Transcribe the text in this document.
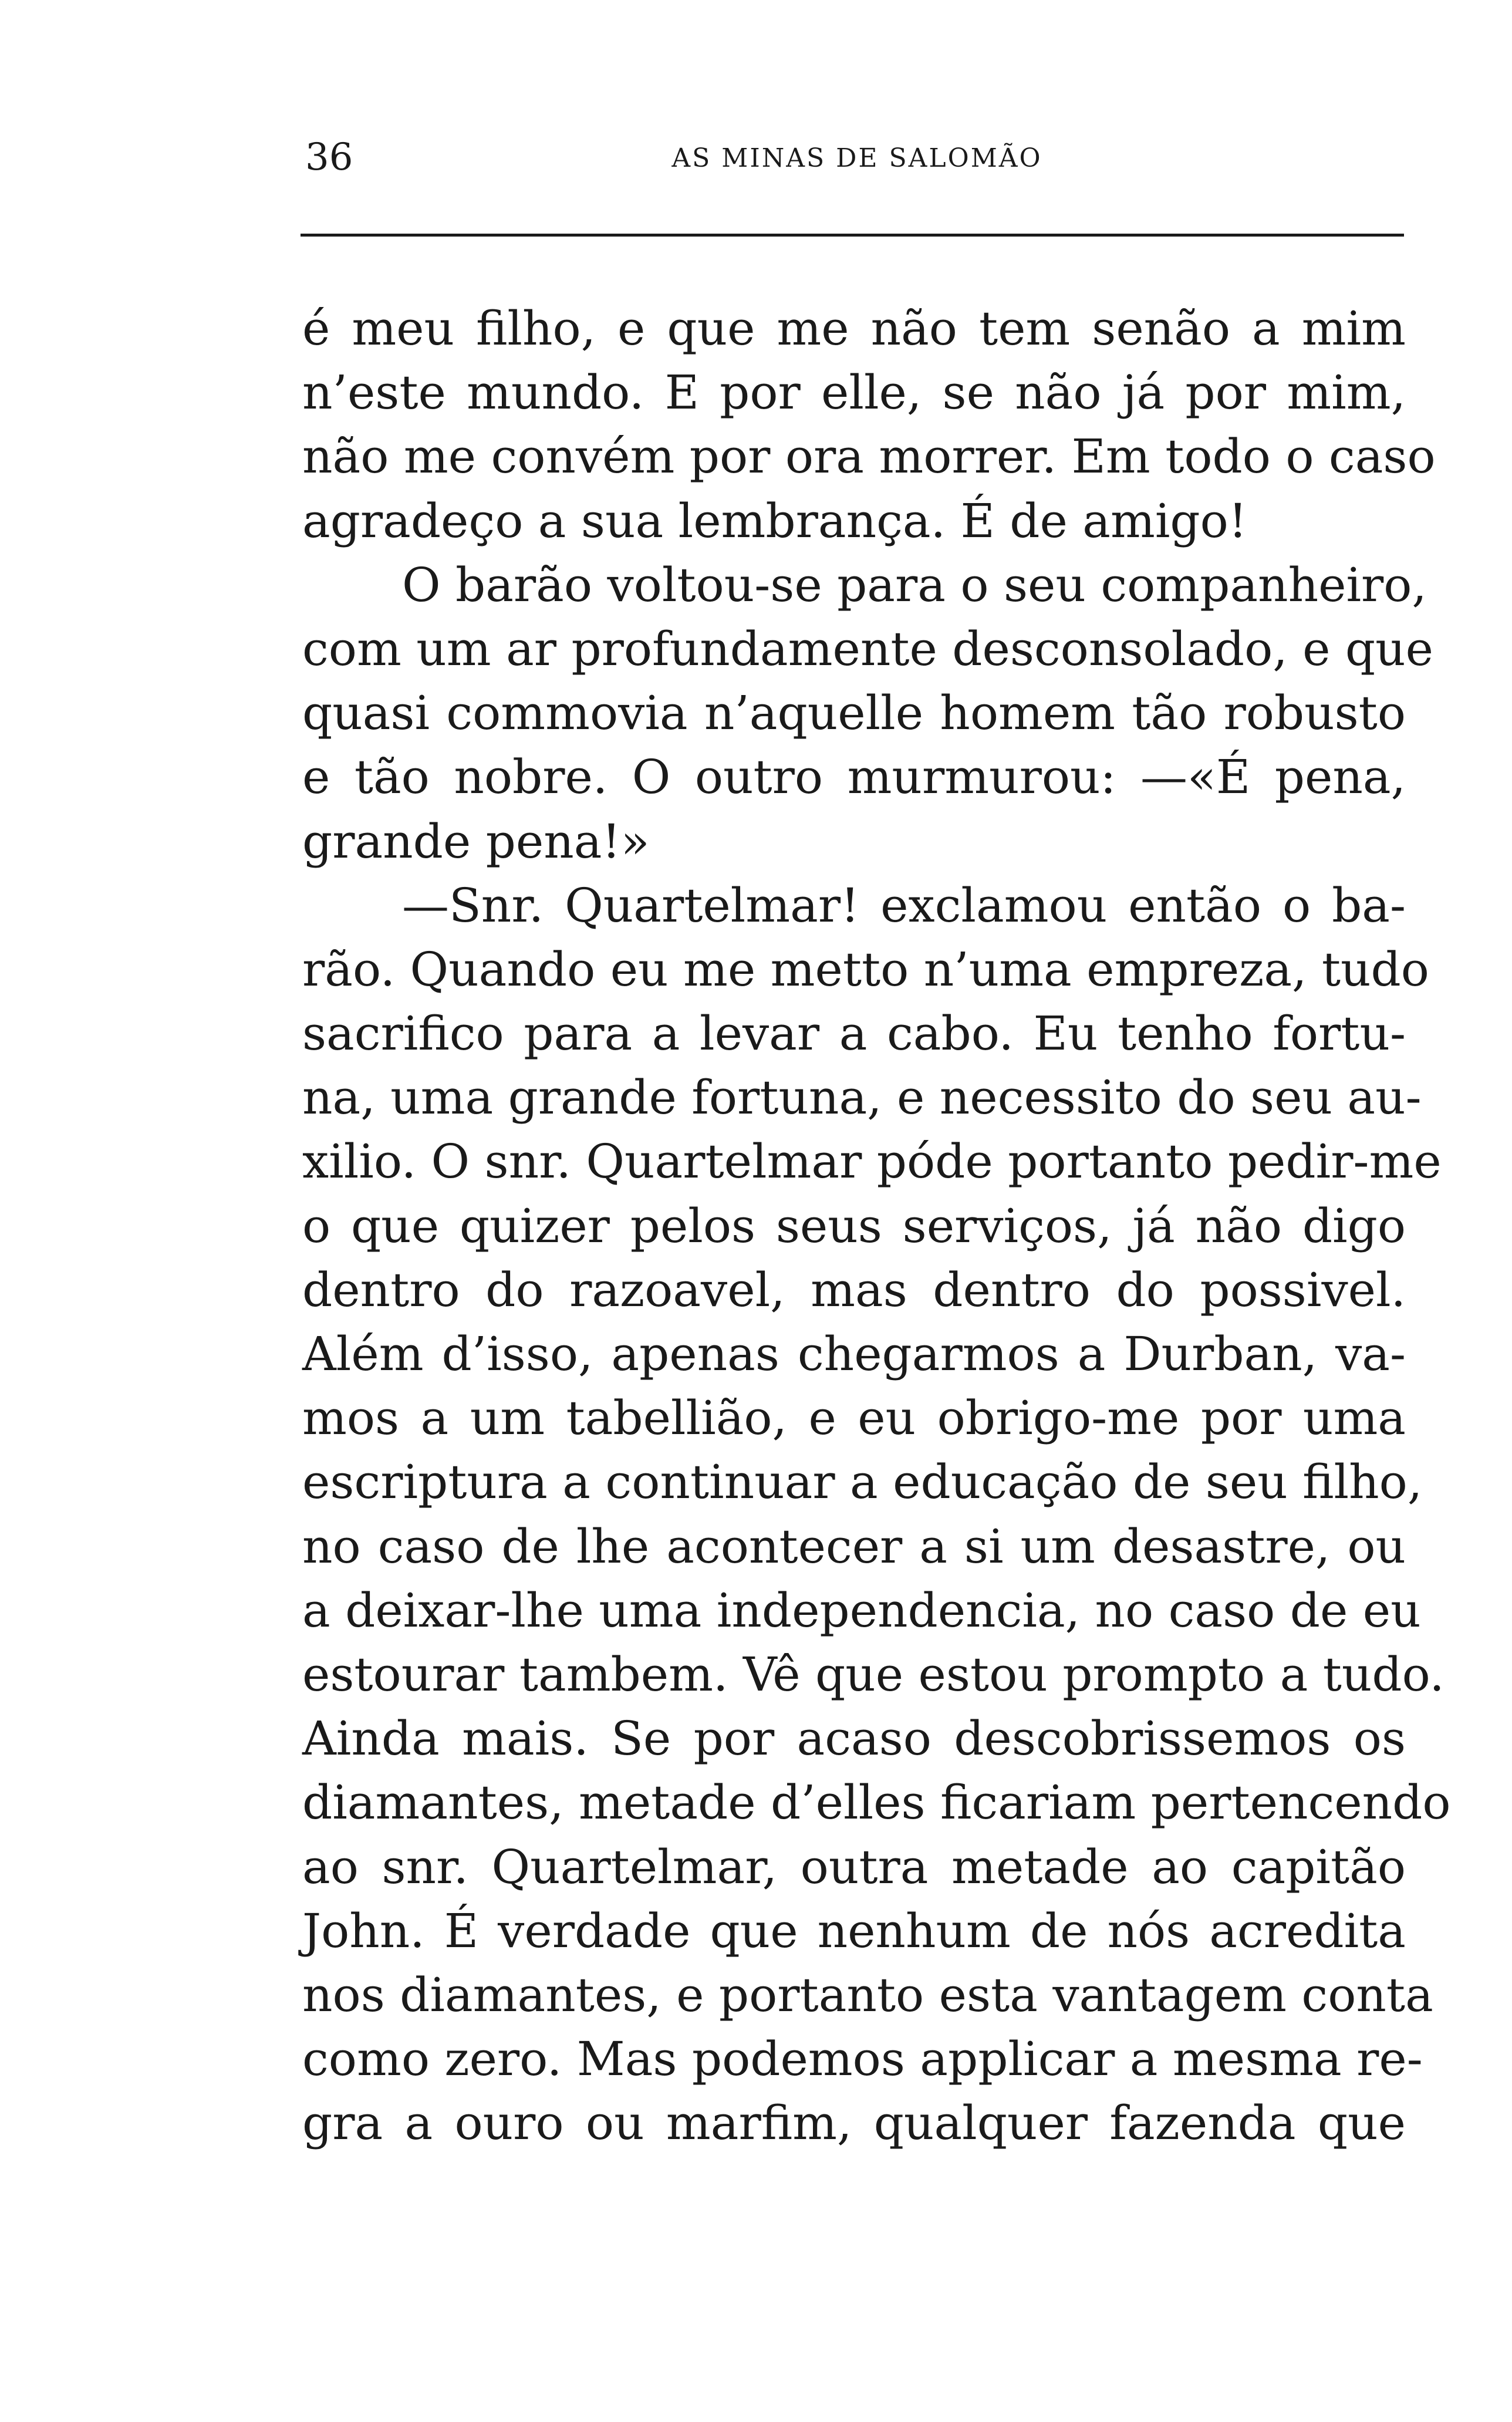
36	AS MINAS DE SALOMÃO
é meu filho, e que me não tem senão a mim
n’este mundo. E por elle, se não já por mim,
não me convém por ora morrer. Em todo o caso
agradeço a sua lembrança. É de amigo!
O barão voltou-se para o seu companheiro,
com um ar profundamente desconsolado, e que
quasi commovia n’aquelle homem tão robusto
e tão nobre. O outro murmurou: —«É pena,
grande pena!»
—Snr. Quartelmar! exclamou então o ba-
rão. Quando eu me metto n’uma empreza, tudo
sacrifico para a levar a cabo. Eu tenho fortu-
na, uma grande fortuna, e necessito do seu au-
xilio. O snr. Quartelmar póde portanto pedir-me
o que quizer pelos seus serviços, já não digo
dentro do razoavel, mas dentro do possivel.
Além d’isso, apenas chegarmos a Durban, va-
mos a um tabellião, e eu obrigo-me por uma
escriptura a continuar a educação de seu filho,
no caso de lhe acontecer a si um desastre, ou
a deixar-lhe uma independencia, no caso de eu
estourar tambem. Vê que estou prompto a tudo.
Ainda mais. Se por acaso descobrissemos os
diamantes, metade d’elles ficariam pertencendo
ao snr. Quartelmar, outra metade ao capitão
John. É verdade que nenhum de nós acredita
nos diamantes, e portanto esta vantagem conta
como zero. Mas podemos applicar a mesma re-
gra a ouro ou marfim, qualquer fazenda que
